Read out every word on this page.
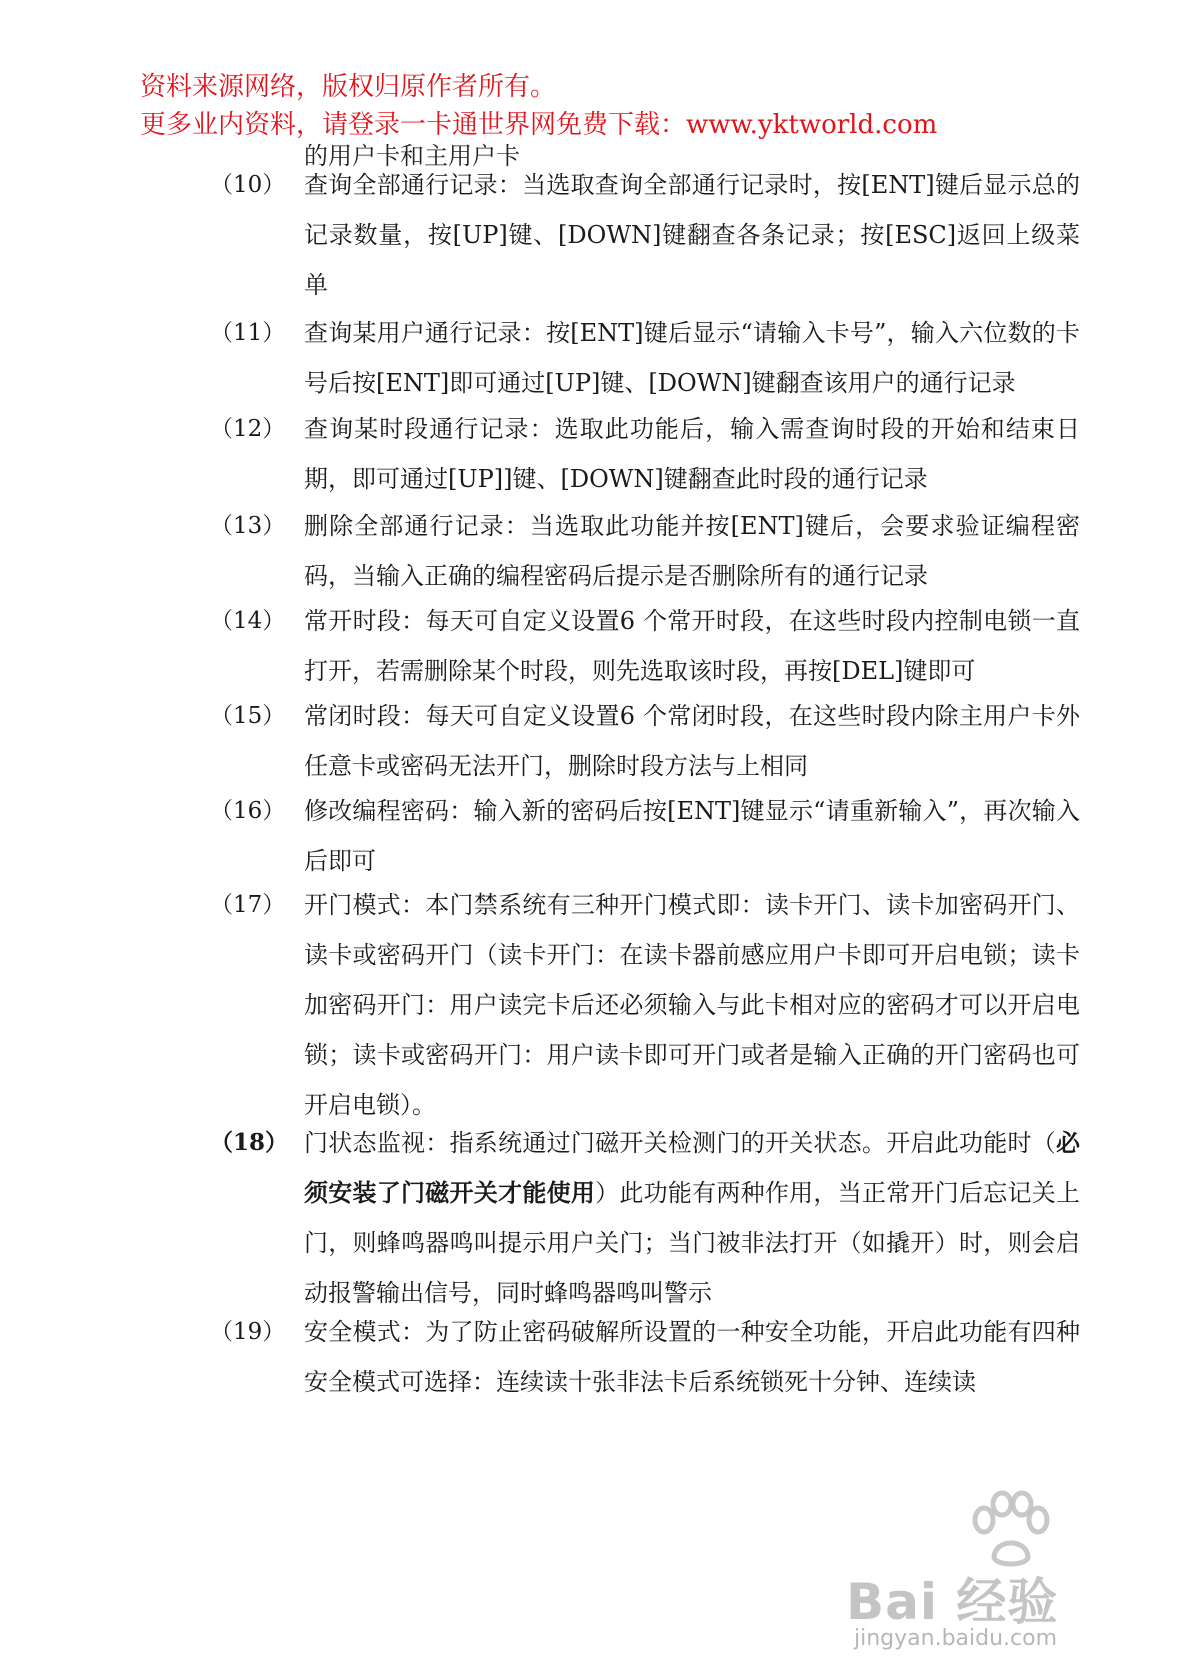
资料来源网络，版权归原作者所有。
更多业内资料，请登录一卡通世界网免费下载：www.yktworld.com
的用户卡和主用户卡
（10） 查询全部通行记录：当选取查询全部通行记录时，按[ENT]键后显示总的记录数量，按[UP]键、[DOWN]键翻查各条记录；按[ESC]返回上级菜单
（11） 查询某用户通行记录：按[ENT]键后显示“请输入卡号”，输入六位数的卡号后按[ENT]即可通过[UP]键、[DOWN]键翻查该用户的通行记录
（12） 查询某时段通行记录：选取此功能后，输入需查询时段的开始和结束日期，即可通过[UP]]键、[DOWN]键翻查此时段的通行记录
（13） 删除全部通行记录：当选取此功能并按[ENT]键后，会要求验证编程密码，当输入正确的编程密码后提示是否删除所有的通行记录
（14） 常开时段：每天可自定义设置6 个常开时段，在这些时段内控制电锁一直打开，若需删除某个时段，则先选取该时段，再按[DEL]键即可
（15） 常闭时段：每天可自定义设置6 个常闭时段，在这些时段内除主用户卡外任意卡或密码无法开门，删除时段方法与上相同
（16） 修改编程密码：输入新的密码后按[ENT]键显示“请重新输入”，再次输入后即可
（17） 开门模式：本门禁系统有三种开门模式即：读卡开门、读卡加密码开门、读卡或密码开门（读卡开门：在读卡器前感应用户卡即可开启电锁；读卡加密码开门：用户读完卡后还必须输入与此卡相对应的密码才可以开启电锁；读卡或密码开门：用户读卡即可开门或者是输入正确的开门密码也可开启电锁）。
（18） 门状态监视：指系统通过门磁开关检测门的开关状态。开启此功能时（必须安装了门磁开关才能使用）此功能有两种作用，当正常开门后忘记关上门，则蜂鸣器鸣叫提示用户关门；当门被非法打开（如撬开）时，则会启动报警输出信号，同时蜂鸣器鸣叫警示
（19） 安全模式：为了防止密码破解所设置的一种安全功能，开启此功能有四种安全模式可选择：连续读十张非法卡后系统锁死十分钟、连续读
Bai 经验
jingyan.baidu.com
